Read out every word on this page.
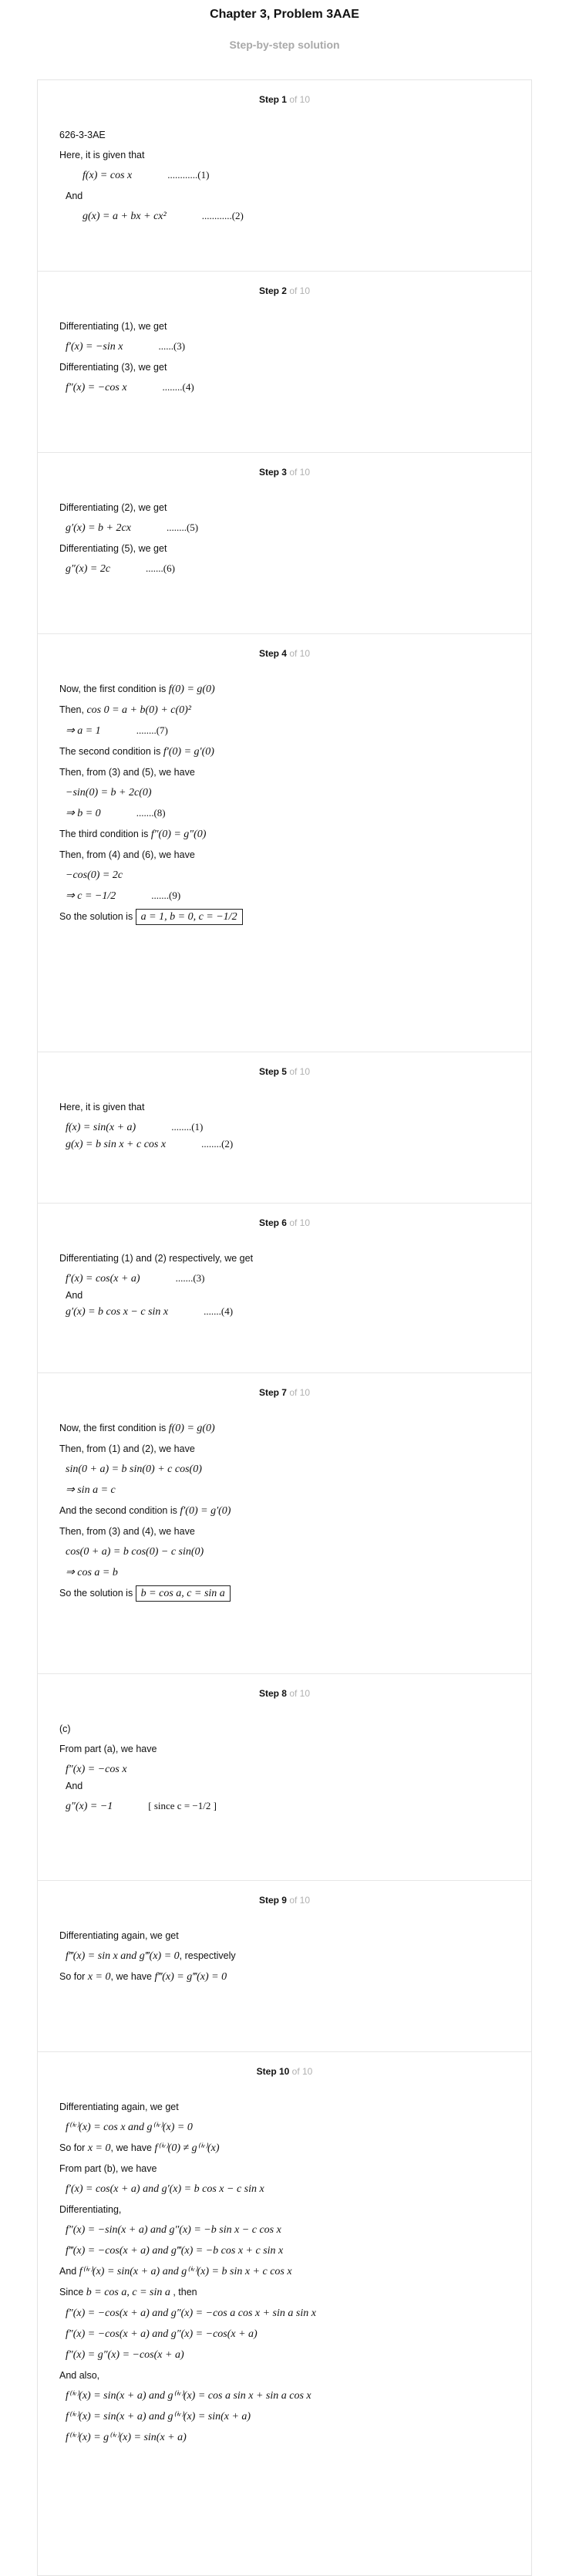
Chapter 3, Problem 3AAE
Step-by-step solution
Step 1 of 10
626-3-3AE
Here, it is given that
f(x) = cos x	............(1)
And
g(x) = a + bx + cx²	............(2)
Step 2 of 10
Differentiating (1), we get
f′(x) = −sin x	......(3)
Differentiating (3), we get
f″(x) = −cos x	........(4)
Step 3 of 10
Differentiating (2), we get
g′(x) = b + 2cx	........(5)
Differentiating (5), we get
g″(x) = 2c	.......(6)
Step 4 of 10
Now, the first condition is f(0) = g(0)
Then, cos 0 = a + b(0) + c(0)²
⇒ a = 1	........(7)
The second condition is f′(0) = g′(0)
Then, from (3) and (5), we have
−sin(0) = b + 2c(0)
⇒ b = 0	.......(8)
The third condition is f″(0) = g″(0)
Then, from (4) and (6), we have
−cos(0) = 2c
⇒ c = −1/2	.......(9)
So the solution is a = 1, b = 0, c = −1/2
Step 5 of 10
Here, it is given that
f(x) = sin(x + a)	........(1)
g(x) = b sin x + c cos x	........(2)
Step 6 of 10
Differentiating (1) and (2) respectively, we get
f′(x) = cos(x + a)	.......(3)
And
g′(x) = b cos x − c sin x	.......(4)
Step 7 of 10
Now, the first condition is f(0) = g(0)
Then, from (1) and (2), we have
sin(0 + a) = b sin(0) + c cos(0)
⇒ sin a = c
And the second condition is f′(0) = g′(0)
Then, from (3) and (4), we have
cos(0 + a) = b cos(0) − c sin(0)
⇒ cos a = b
So the solution is b = cos a, c = sin a
Step 8 of 10
(c)
From part (a), we have
f″(x) = −cos x
And
g″(x) = −1	[ since c = −1/2 ]
Step 9 of 10
Differentiating again, we get
f‴(x) = sin x and g‴(x) = 0, respectively
So for x = 0, we have f‴(x) = g‴(x) = 0
Step 10 of 10
Differentiating again, we get
f⁽ⁱᵛ⁾(x) = cos x and g⁽ⁱᵛ⁾(x) = 0
So for x = 0, we have f⁽ⁱᵛ⁾(0) ≠ g⁽ⁱᵛ⁾(x)
From part (b), we have
f′(x) = cos(x + a) and g′(x) = b cos x − c sin x
Differentiating,
f″(x) = −sin(x + a) and g″(x) = −b sin x − c cos x
f‴(x) = −cos(x + a) and g‴(x) = −b cos x + c sin x
And f⁽ⁱᵛ⁾(x) = sin(x + a) and g⁽ⁱᵛ⁾(x) = b sin x + c cos x
Since b = cos a, c = sin a , then
f″(x) = −cos(x + a) and g″(x) = −cos a cos x + sin a sin x
f″(x) = −cos(x + a) and g″(x) = −cos(x + a)
f″(x) = g″(x) = −cos(x + a)
And also,
f⁽ⁱᵛ⁾(x) = sin(x + a) and g⁽ⁱᵛ⁾(x) = cos a sin x + sin a cos x
f⁽ⁱᵛ⁾(x) = sin(x + a) and g⁽ⁱᵛ⁾(x) = sin(x + a)
f⁽ⁱᵛ⁾(x) = g⁽ⁱᵛ⁾(x) = sin(x + a)
